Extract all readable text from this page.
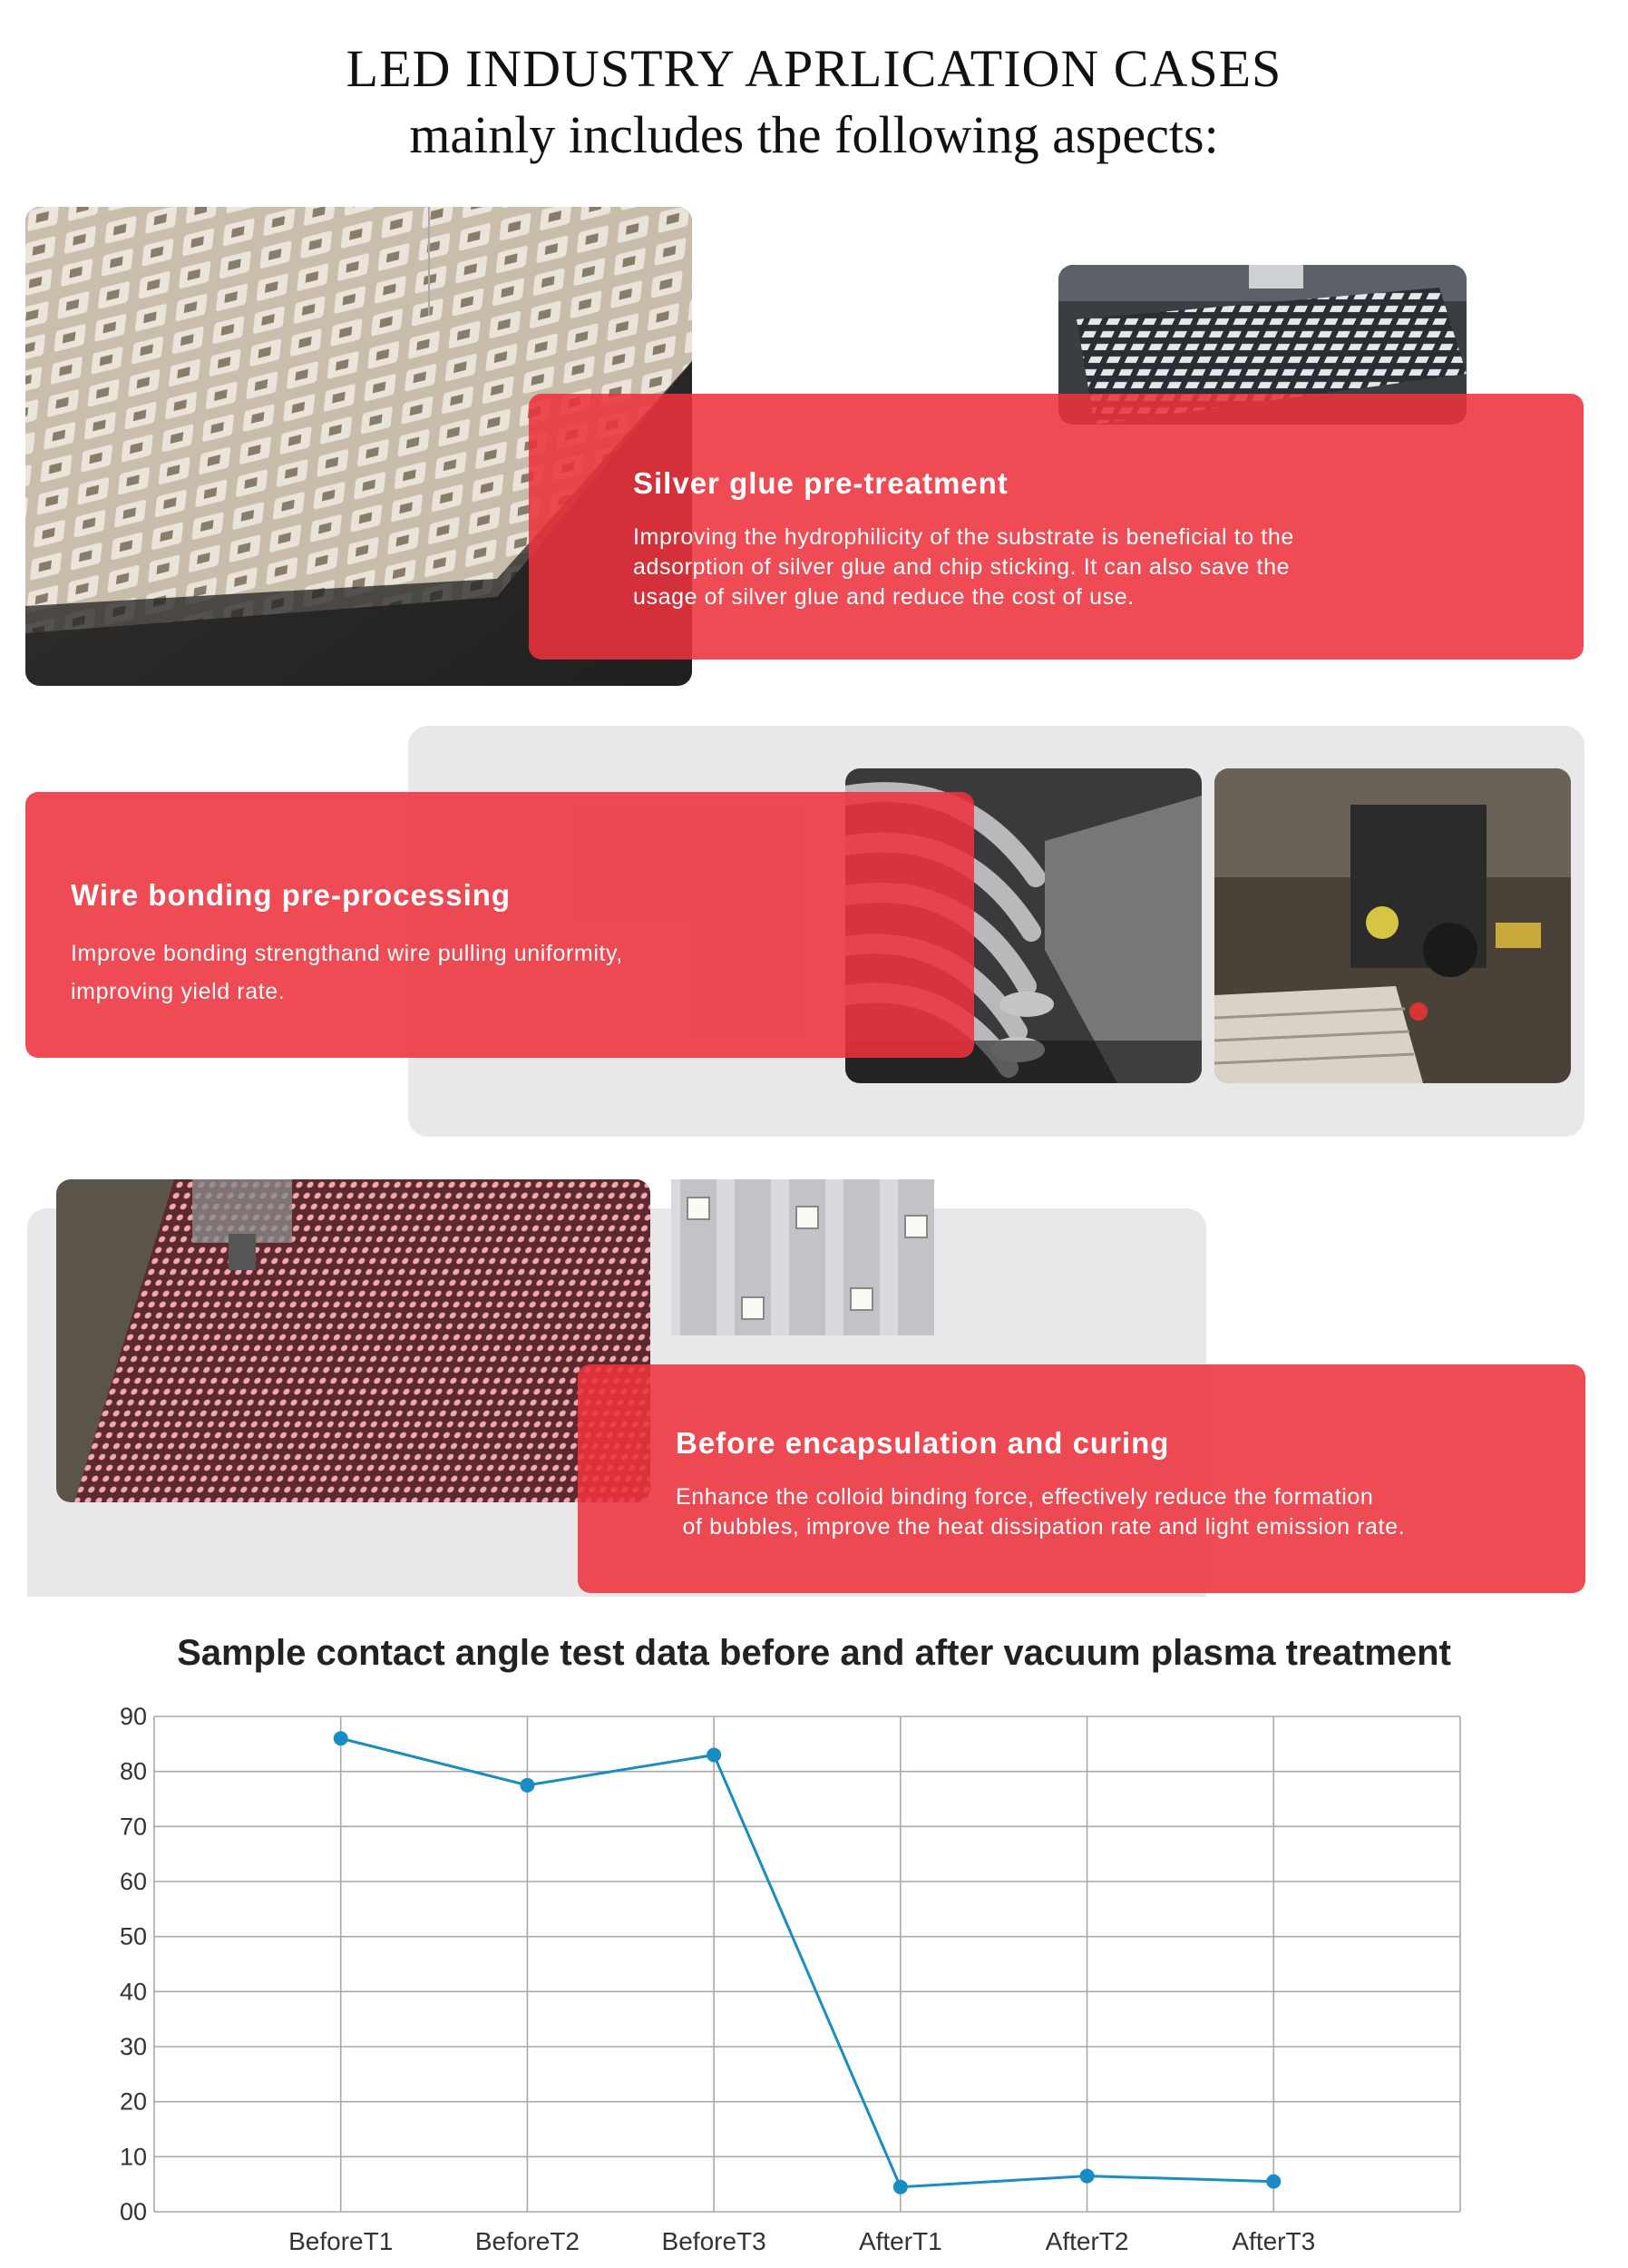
LED INDUSTRY APRLICATION CASES
mainly includes the following aspects:
Silver glue pre-treatment
Improving the hydrophilicity of the substrate is beneficial to the
adsorption of silver glue and chip sticking. It can also save the
usage of silver glue and reduce the cost of use.
Wire bonding pre-processing
Improve bonding strengthand wire pulling uniformity,
improving yield rate.
Before encapsulation and curing
Enhance the colloid binding force, effectively reduce the formation
of bubbles, improve the heat dissipation rate and light emission rate.
Sample contact angle test data before and after vacuum plasma treatment
00
10
20
30
40
50
60
70
80
90
BeforeT1	BeforeT2	BeforeT3	AfterT1	AfterT2	AfterT3
